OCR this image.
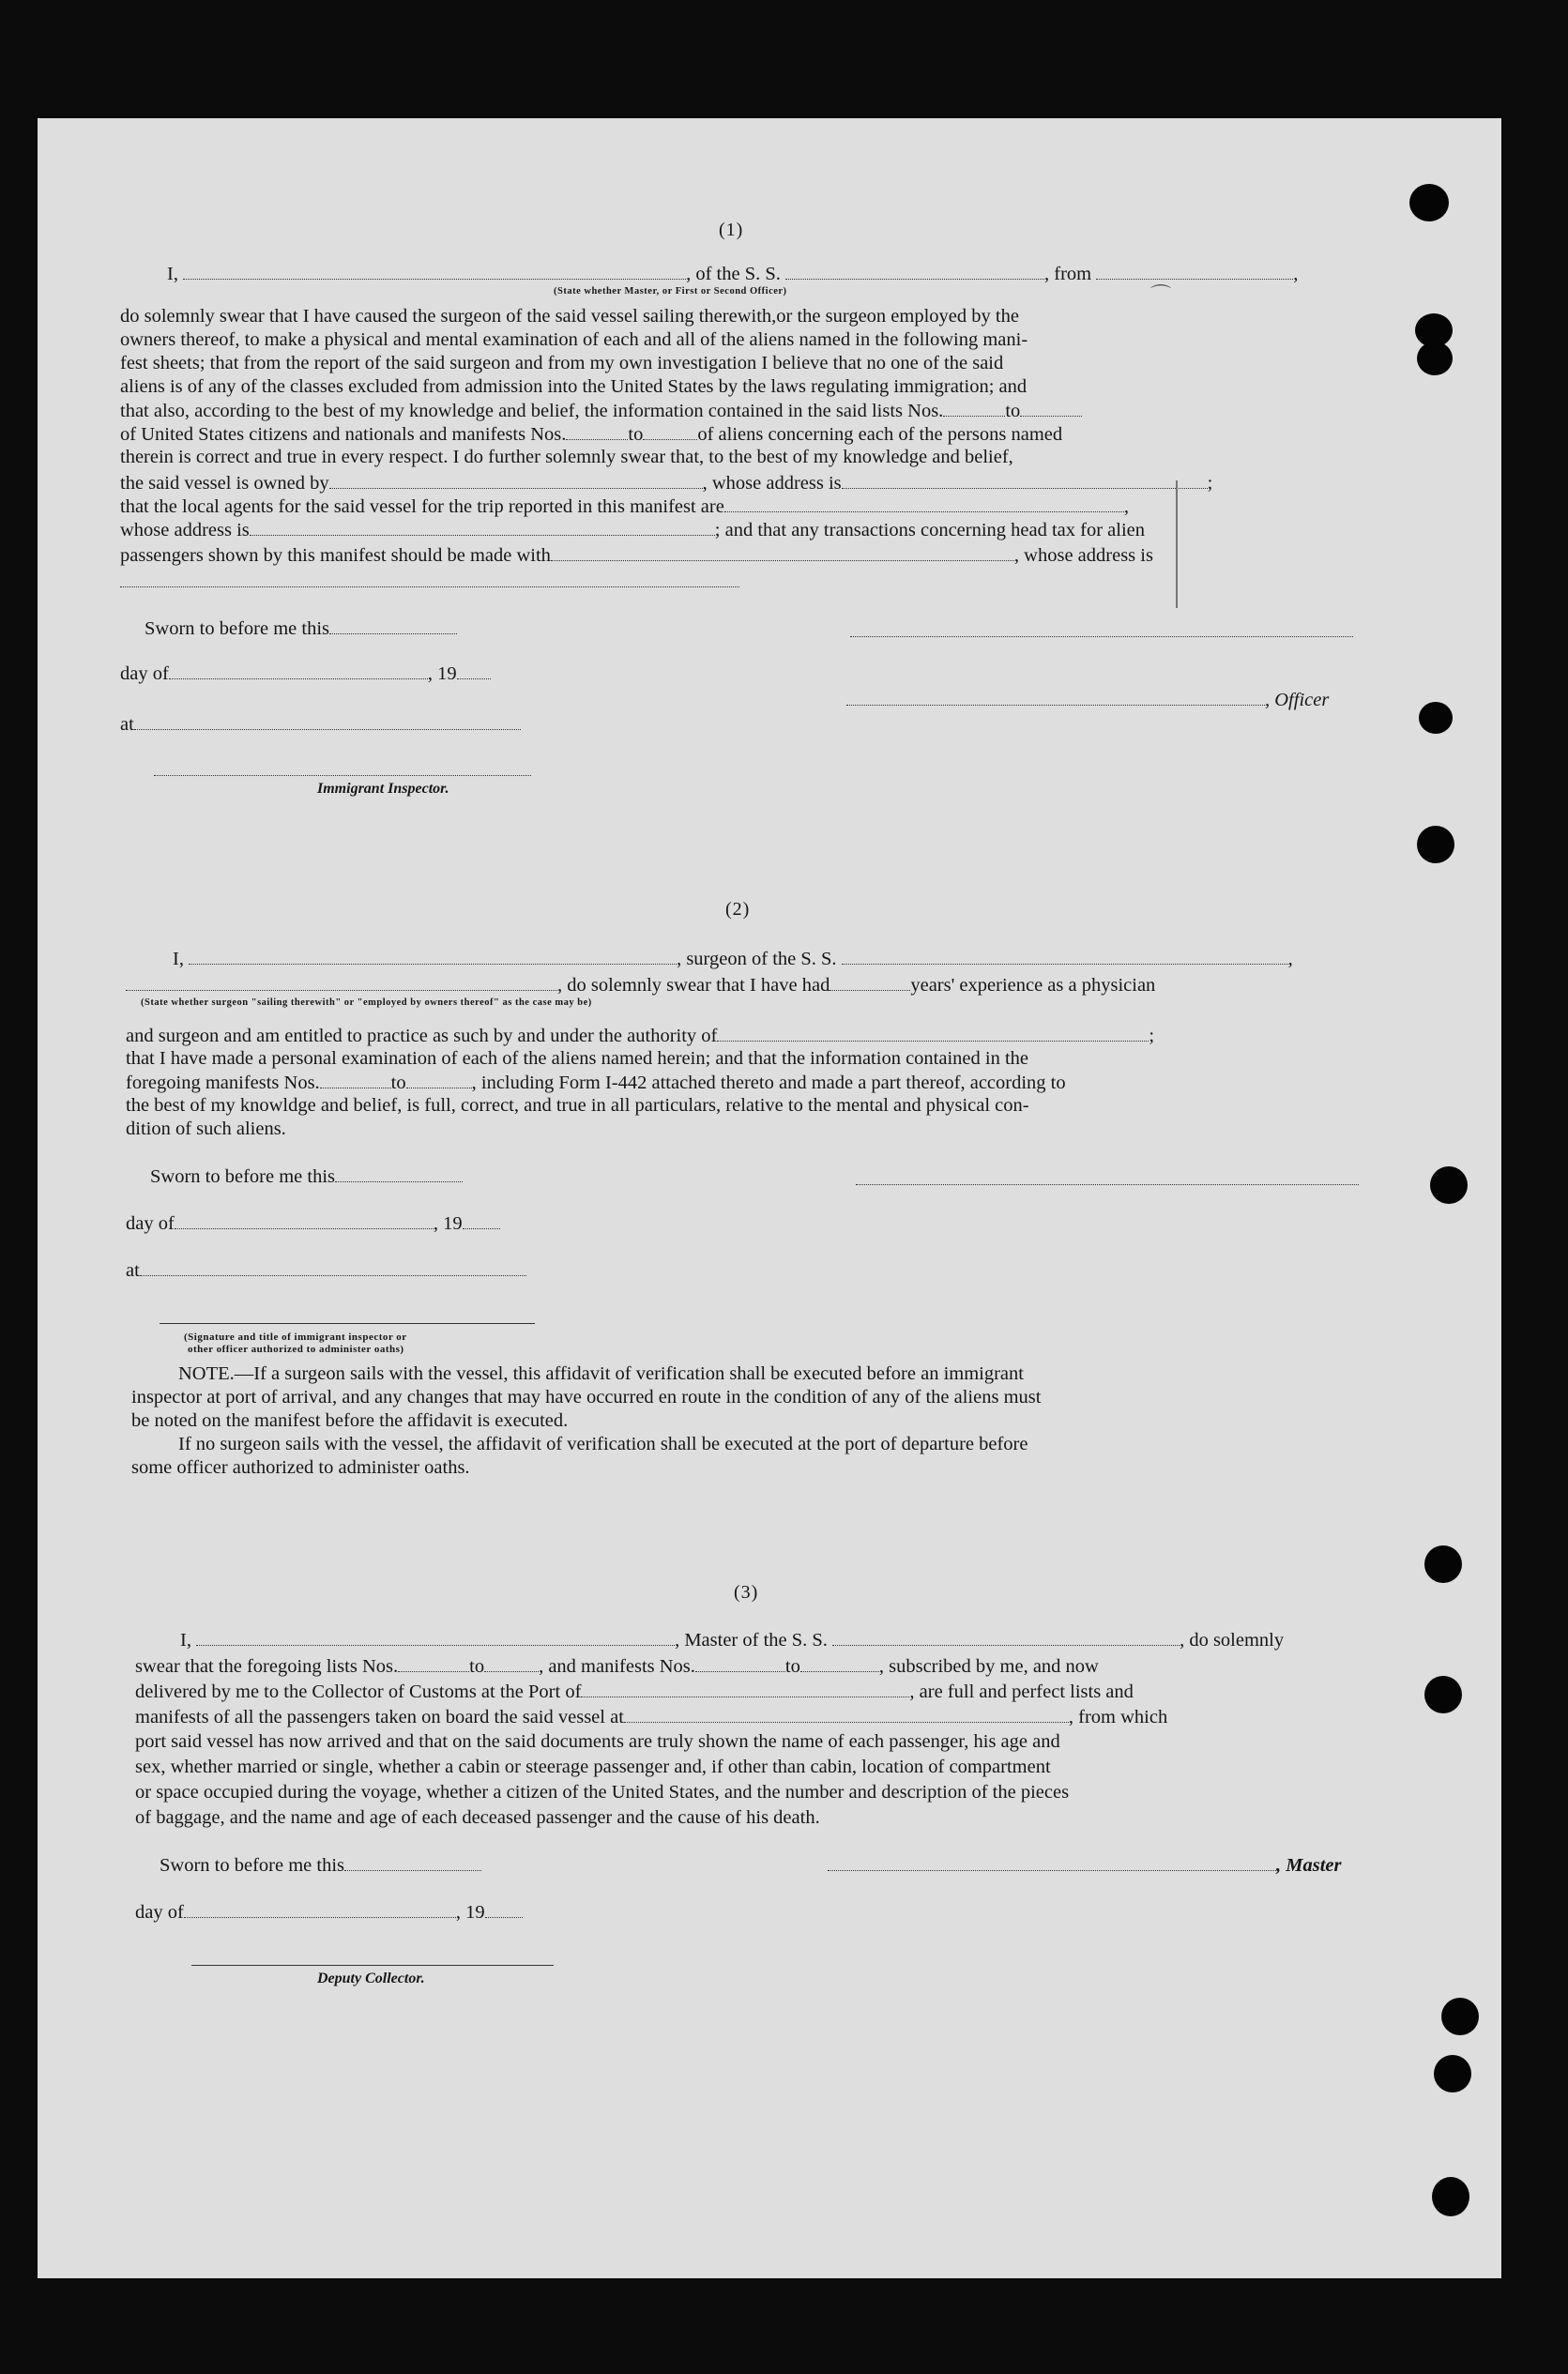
(1)
I,	, of the S. S.	, from	,
(State whether Master, or First or Second Officer)
do solemnly swear that I have caused the surgeon of the said vessel sailing therewith,or the surgeon employed by the
owners thereof, to make a physical and mental examination of each and all of the aliens named in the following mani-
fest sheets; that from the report of the said surgeon and from my own investigation I believe that no one of the said
aliens is of any of the classes excluded from admission into the United States by the laws regulating immigration; and
that also, according to the best of my knowledge and belief, the information contained in the said lists Nos.	to
of United States citizens and nationals and manifests Nos.	to	of aliens concerning each of the persons named
therein is correct and true in every respect. I do further solemnly swear that, to the best of my knowledge and belief,
the said vessel is owned by	, whose address is	;
that the local agents for the said vessel for the trip reported in this manifest are	,
whose address is	; and that any transactions concerning head tax for alien
passengers shown by this manifest should be made with	, whose address is
Sworn to before me this
day of	, 19
, Officer
at
Immigrant Inspector.
(2)
I,	, surgeon of the S. S.	,
, do solemnly swear that I have had	years' experience as a physician
(State whether surgeon "sailing therewith" or "employed by owners thereof" as the case may be)
and surgeon and am entitled to practice as such by and under the authority of	;
that I have made a personal examination of each of the aliens named herein; and that the information contained in the
foregoing manifests Nos.	to	, including Form I-442 attached thereto and made a part thereof, according to
the best of my knowldge and belief, is full, correct, and true in all particulars, relative to the mental and physical con-
dition of such aliens.
Sworn to before me this
day of	, 19
at
(Signature and title of immigrant inspector or
other officer authorized to administer oaths)
NOTE.—If a surgeon sails with the vessel, this affidavit of verification shall be executed before an immigrant
inspector at port of arrival, and any changes that may have occurred en route in the condition of any of the aliens must
be noted on the manifest before the affidavit is executed.
If no surgeon sails with the vessel, the affidavit of verification shall be executed at the port of departure before
some officer authorized to administer oaths.
(3)
I,	, Master of the S. S.	, do solemnly
swear that the foregoing lists Nos.	to	, and manifests Nos.	to	, subscribed by me, and now
delivered by me to the Collector of Customs at the Port of	, are full and perfect lists and
manifests of all the passengers taken on board the said vessel at	, from which
port said vessel has now arrived and that on the said documents are truly shown the name of each passenger, his age and
sex, whether married or single, whether a cabin or steerage passenger and, if other than cabin, location of compartment
or space occupied during the voyage, whether a citizen of the United States, and the number and description of the pieces
of baggage, and the name and age of each deceased passenger and the cause of his death.
Sworn to before me this	, Master
day of	, 19
Deputy Collector.
⌒
